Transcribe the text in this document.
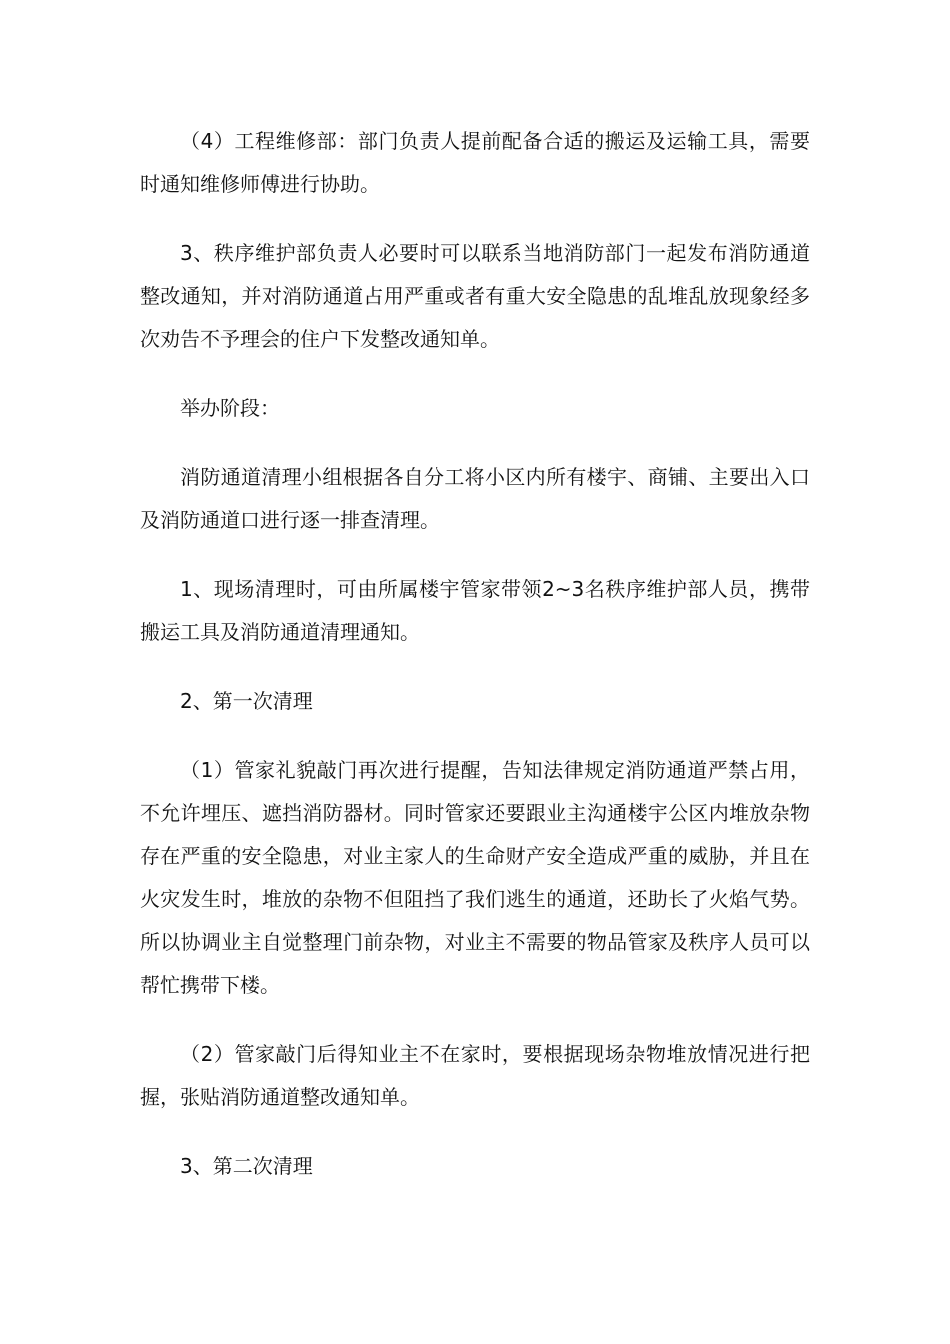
（4）工程维修部：部门负责人提前配备合适的搬运及运输工具，需要时通知维修师傅进行协助。

3、秩序维护部负责人必要时可以联系当地消防部门一起发布消防通道整改通知，并对消防通道占用严重或者有重大安全隐患的乱堆乱放现象经多次劝告不予理会的住户下发整改通知单。

举办阶段：

消防通道清理小组根据各自分工将小区内所有楼宇、商铺、主要出入口及消防通道口进行逐一排查清理。

1、现场清理时，可由所属楼宇管家带领2~3名秩序维护部人员，携带搬运工具及消防通道清理通知。

2、第一次清理

（1）管家礼貌敲门再次进行提醒，告知法律规定消防通道严禁占用，不允许埋压、遮挡消防器材。同时管家还要跟业主沟通楼宇公区内堆放杂物存在严重的安全隐患，对业主家人的生命财产安全造成严重的威胁，并且在火灾发生时，堆放的杂物不但阻挡了我们逃生的通道，还助长了火焰气势。所以协调业主自觉整理门前杂物，对业主不需要的物品管家及秩序人员可以帮忙携带下楼。

（2）管家敲门后得知业主不在家时，要根据现场杂物堆放情况进行把握，张贴消防通道整改通知单。

3、第二次清理
